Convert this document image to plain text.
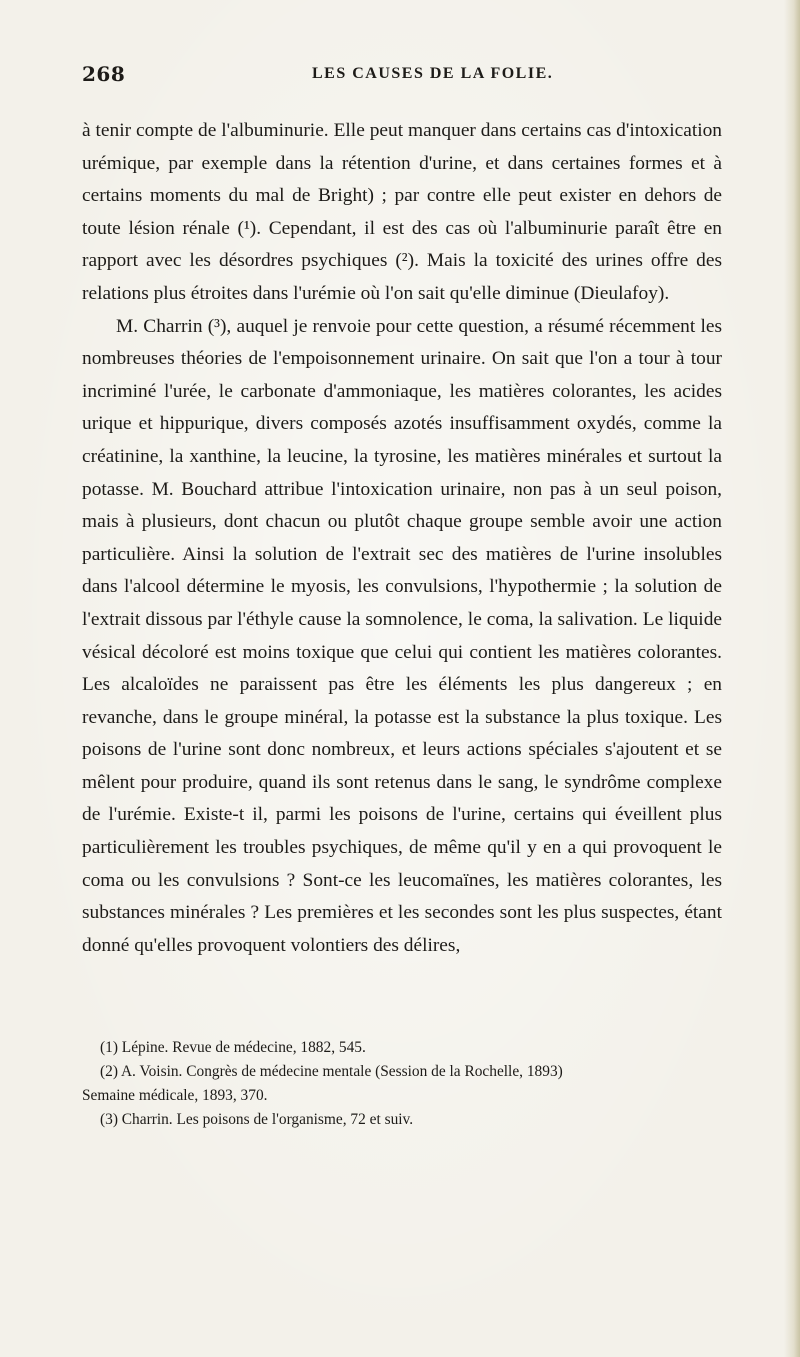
268	LES CAUSES DE LA FOLIE.

à tenir compte de l'albuminurie. Elle peut manquer dans certains cas d'intoxication urémique, par exemple dans la rétention d'urine, et dans certaines formes et à certains moments du mal de Bright) ; par contre elle peut exister en dehors de toute lésion rénale (¹). Cependant, il est des cas où l'albuminurie paraît être en rapport avec les désordres psychiques (²). Mais la toxicité des urines offre des relations plus étroites dans l'urémie où l'on sait qu'elle diminue (Dieulafoy).

M. Charrin (³), auquel je renvoie pour cette question, a résumé récemment les nombreuses théories de l'empoisonnement urinaire. On sait que l'on a tour à tour incriminé l'urée, le carbonate d'ammoniaque, les matières colorantes, les acides urique et hippurique, divers composés azotés insuffisamment oxydés, comme la créatinine, la xanthine, la leucine, la tyrosine, les matières minérales et surtout la potasse. M. Bouchard attribue l'intoxication urinaire, non pas à un seul poison, mais à plusieurs, dont chacun ou plutôt chaque groupe semble avoir une action particulière. Ainsi la solution de l'extrait sec des matières de l'urine insolubles dans l'alcool détermine le myosis, les convulsions, l'hypothermie ; la solution de l'extrait dissous par l'éthyle cause la somnolence, le coma, la salivation. Le liquide vésical décoloré est moins toxique que celui qui contient les matières colorantes. Les alcaloïdes ne paraissent pas être les éléments les plus dangereux ; en revanche, dans le groupe minéral, la potasse est la substance la plus toxique. Les poisons de l'urine sont donc nombreux, et leurs actions spéciales s'ajoutent et se mêlent pour produire, quand ils sont retenus dans le sang, le syndrôme complexe de l'urémie. Existe-t il, parmi les poisons de l'urine, certains qui éveillent plus particulièrement les troubles psychiques, de même qu'il y en a qui provoquent le coma ou les convulsions ? Sont-ce les leucomaïnes, les matières colorantes, les substances minérales ? Les premières et les secondes sont les plus suspectes, étant donné qu'elles provoquent volontiers des délires,

(1) Lépine. Revue de médecine, 1882, 545.

(2) A. Voisin. Congrès de médecine mentale (Session de la Rochelle, 1893)

Semaine médicale, 1893, 370.

(3) Charrin. Les poisons de l'organisme, 72 et suiv.
